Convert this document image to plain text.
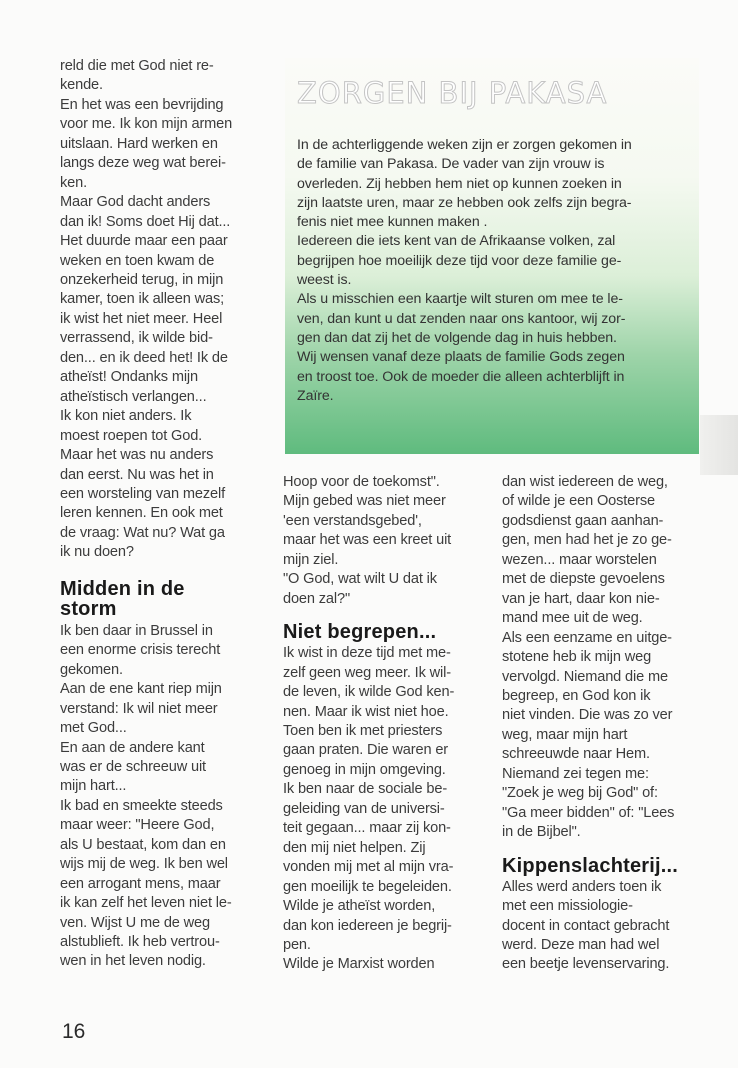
ZORGEN BIJ PAKASA

In de achterliggende weken zijn er zorgen gekomen in

de familie van Pakasa. De vader van zijn vrouw is

overleden. Zij hebben hem niet op kunnen zoeken in

zijn laatste uren, maar ze hebben ook zelfs zijn begra-

fenis niet mee kunnen maken .

Iedereen die iets kent van de Afrikaanse volken, zal

begrijpen hoe moeilijk deze tijd voor deze familie ge-

weest is.

Als u misschien een kaartje wilt sturen om mee te le-

ven, dan kunt u dat zenden naar ons kantoor, wij zor-

gen dan dat zij het de volgende dag in huis hebben.

Wij wensen vanaf deze plaats de familie Gods zegen

en troost toe. Ook de moeder die alleen achterblijft in

Zaïre.

reld die met God niet re-

kende.

En het was een bevrijding

voor me. Ik kon mijn armen

uitslaan. Hard werken en

langs deze weg wat berei-

ken.

Maar God dacht anders

dan ik! Soms doet Hij dat...

Het duurde maar een paar

weken en toen kwam de

onzekerheid terug, in mijn

kamer, toen ik alleen was;

ik wist het niet meer. Heel

verrassend, ik wilde bid-

den... en ik deed het! Ik de

atheïst! Ondanks mijn

atheïstisch verlangen...

Ik kon niet anders. Ik

moest roepen tot God.

Maar het was nu anders

dan eerst. Nu was het in

een worsteling van mezelf

leren kennen. En ook met

de vraag: Wat nu? Wat ga

ik nu doen?

Midden in de
storm

Ik ben daar in Brussel in

een enorme crisis terecht

gekomen.

Aan de ene kant riep mijn

verstand: Ik wil niet meer

met God...

En aan de andere kant

was er de schreeuw uit

mijn hart...

Ik bad en smeekte steeds

maar weer: "Heere God,

als U bestaat, kom dan en

wijs mij de weg. Ik ben wel

een arrogant mens, maar

ik kan zelf het leven niet le-

ven. Wijst U me de weg

alstublieft. Ik heb vertrou-

wen in het leven nodig.

Hoop voor de toekomst".

Mijn gebed was niet meer

'een verstandsgebed',

maar het was een kreet uit

mijn ziel.

"O God, wat wilt U dat ik

doen zal?"

Niet begrepen...

Ik wist in deze tijd met me-

zelf geen weg meer. Ik wil-

de leven, ik wilde God ken-

nen. Maar ik wist niet hoe.

Toen ben ik met priesters

gaan praten. Die waren er

genoeg in mijn omgeving.

Ik ben naar de sociale be-

geleiding van de universi-

teit gegaan... maar zij kon-

den mij niet helpen. Zij

vonden mij met al mijn vra-

gen moeilijk te begeleiden.

Wilde je atheïst worden,

dan kon iedereen je begrij-

pen.

Wilde je Marxist worden

dan wist iedereen de weg,

of wilde je een Oosterse

godsdienst gaan aanhan-

gen, men had het je zo ge-

wezen... maar worstelen

met de diepste gevoelens

van je hart, daar kon nie-

mand mee uit de weg.

Als een eenzame en uitge-

stotene heb ik mijn weg

vervolgd. Niemand die me

begreep, en God kon ik

niet vinden. Die was zo ver

weg, maar mijn hart

schreeuwde naar Hem.

Niemand zei tegen me:

"Zoek je weg bij God" of:

"Ga meer bidden" of: "Lees

in de Bijbel".

Kippenslachterij...

Alles werd anders toen ik

met een missiologie-

docent in contact gebracht

werd. Deze man had wel

een beetje levenservaring.

16
